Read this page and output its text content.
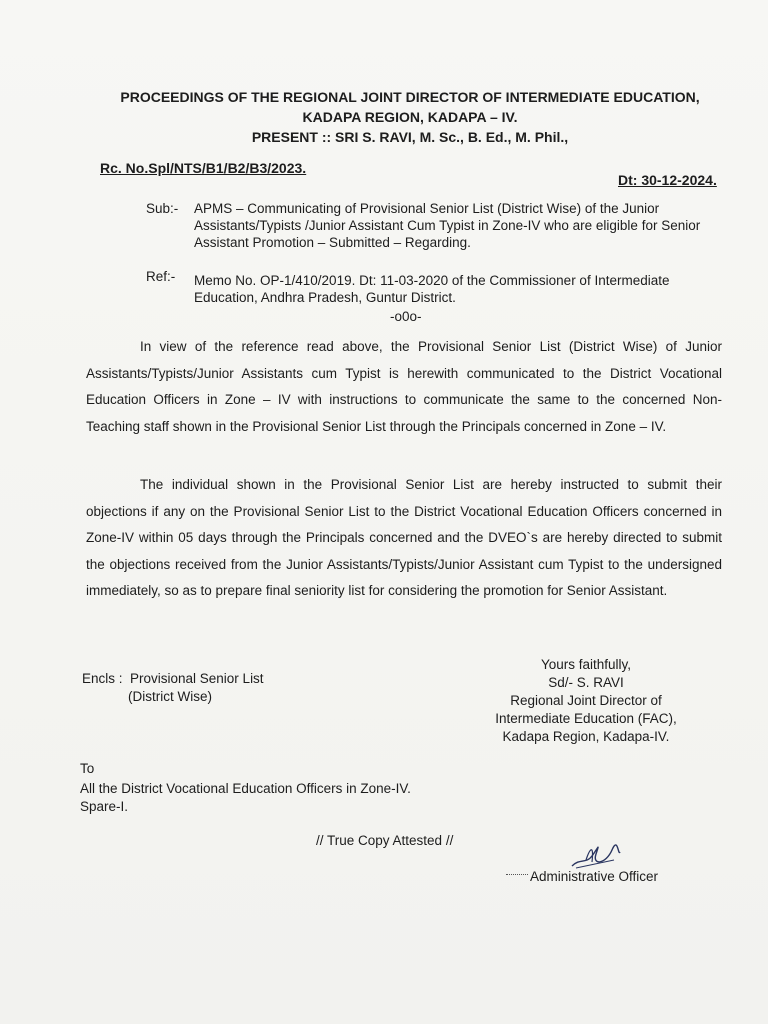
PROCEEDINGS OF THE REGIONAL JOINT DIRECTOR OF INTERMEDIATE EDUCATION,
KADAPA REGION, KADAPA – IV.
PRESENT :: SRI S. RAVI, M. Sc., B. Ed., M. Phil.,
Rc. No.Spl/NTS/B1/B2/B3/2023.
Dt: 30-12-2024.
Sub:- APMS – Communicating of Provisional Senior List (District Wise) of the Junior
Assistants/Typists /Junior Assistant Cum Typist in Zone-IV who are eligible for Senior
Assistant Promotion – Submitted – Regarding.
Ref:- Memo No. OP-1/410/2019. Dt: 11-03-2020 of the Commissioner of Intermediate
Education, Andhra Pradesh, Guntur District.
-o0o-

In view of the reference read above, the Provisional Senior List (District Wise) of Junior Assistants/Typists/Junior Assistants cum Typist is herewith communicated to the District Vocational Education Officers in Zone – IV with instructions to communicate the same to the concerned Non-Teaching staff shown in the Provisional Senior List through the Principals concerned in Zone – IV.

The individual shown in the Provisional Senior List are hereby instructed to submit their objections if any on the Provisional Senior List to the District Vocational Education Officers concerned in Zone-IV within 05 days through the Principals concerned and the DVEO`s are hereby directed to submit the objections received from the Junior Assistants/Typists/Junior Assistant cum Typist to the undersigned immediately, so as to prepare final seniority list for considering the promotion for Senior Assistant.

Encls : Provisional Senior List
(District Wise)
Yours faithfully,
Sd/- S. RAVI
Regional Joint Director of
Intermediate Education (FAC),
Kadapa Region, Kadapa-IV.
To
All the District Vocational Education Officers in Zone-IV.
Spare-I.
// True Copy Attested //
Administrative Officer
